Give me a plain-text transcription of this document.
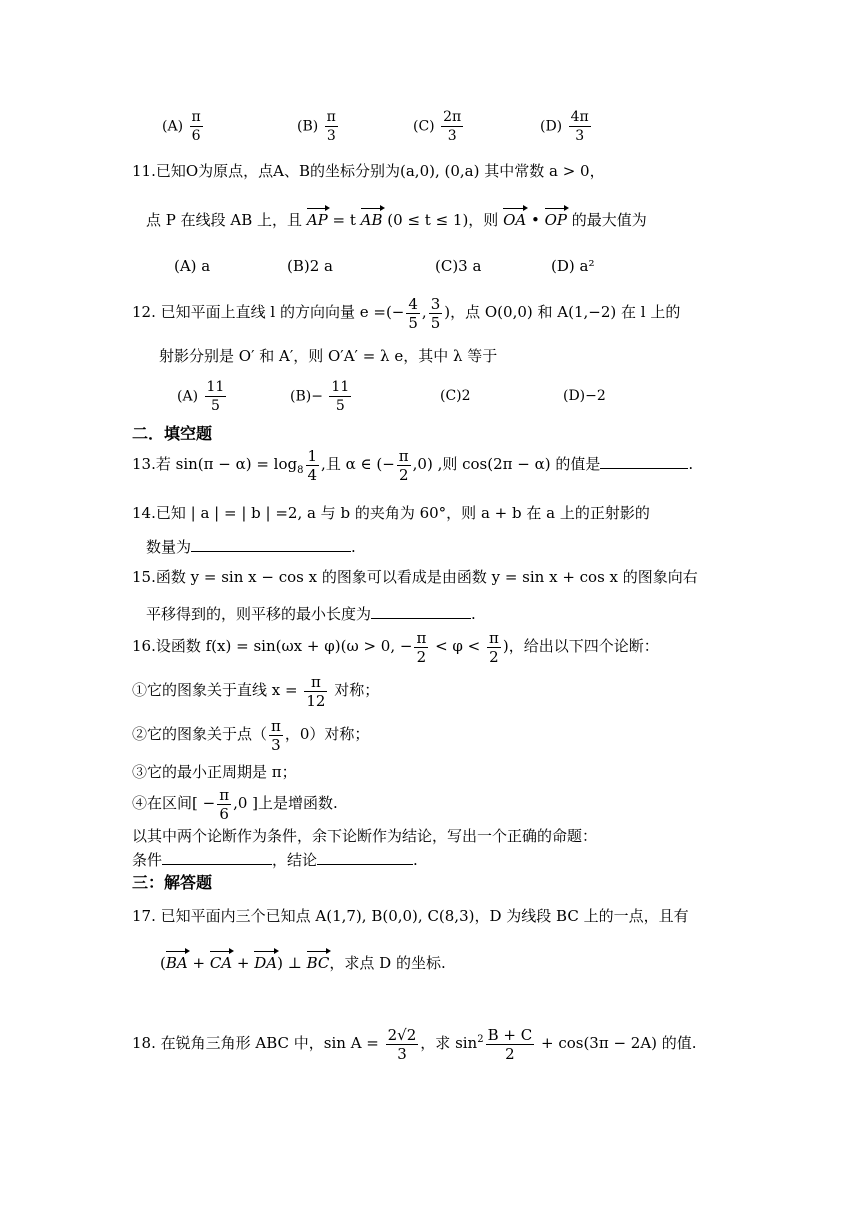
$(A) \frac{\pi}{6}$	$(B) \frac{\pi}{3}$	$(C) \frac{2\pi}{3}$	$(D) \frac{4\pi}{3}$
11.已知O为原点，点A、B的坐标分别为(a,0), (0,a) 其中常数 a > 0，
点 P 在线段 AB 上，且 AP = t AB (0 ≤ t ≤ 1)，则 OA • OP 的最大值为
(A) a	(B)2 a	(C)3 a	(D) a²
12. 已知平面上直线 l 的方向向量 e =(− $\frac{4}{5}$ , $\frac{3}{5}$ )，点 O(0,0) 和 A(1,−2) 在 l 上的
射影分别是 O′ 和 A′，则 O′A′ = λ e，其中 λ 等于
$(A) \frac{11}{5}$	$(B)- \frac{11}{5}$	(C)2	(D)−2
二．填空题
13.若 $\sin(\pi - \alpha) = \log_8 \frac{1}{4}$ ,且 α ∈ (− $\frac{\pi}{2} ,0$) ,则 cos(2π − α) 的值是	.
14.已知 | a | = | b | =2, a 与 b 的夹角为 60°，则 a + b 在 a 上的正射影的
数量为	.
15.函数 y = sin x − cos x 的图象可以看成是由函数 y = sin x + cos x 的图象向右
平移得到的，则平移的最小长度为	.
16.设函数 f(x) = sin(ωx + φ)(ω > 0, − $\frac{\pi}{2} < \varphi < \frac{\pi}{2}$ )，给出以下四个论断：
①它的图象关于直线 $x = \frac{\pi}{12}$ 对称；
②它的图象关于点（ $\frac{\pi}{3}$ ，0）对称；
③它的最小正周期是 π；
④在区间[ − $\frac{\pi}{6} ,0$ ]上是增函数.
以其中两个论断作为条件，余下论断作为结论，写出一个正确的命题：
条件	，结论	.
三：解答题
17. 已知平面内三个已知点 A(1,7), B(0,0), C(8,3)，D 为线段 BC 上的一点，且有
(BA + CA + DA) ⊥ BC，求点 D 的坐标.
18. 在锐角三角形 ABC 中，$\sin A = \frac{2√2}{3}$ ，求 $\sin^2 \frac{B + C}{2} + \cos(3\pi - 2A)$ 的值.
